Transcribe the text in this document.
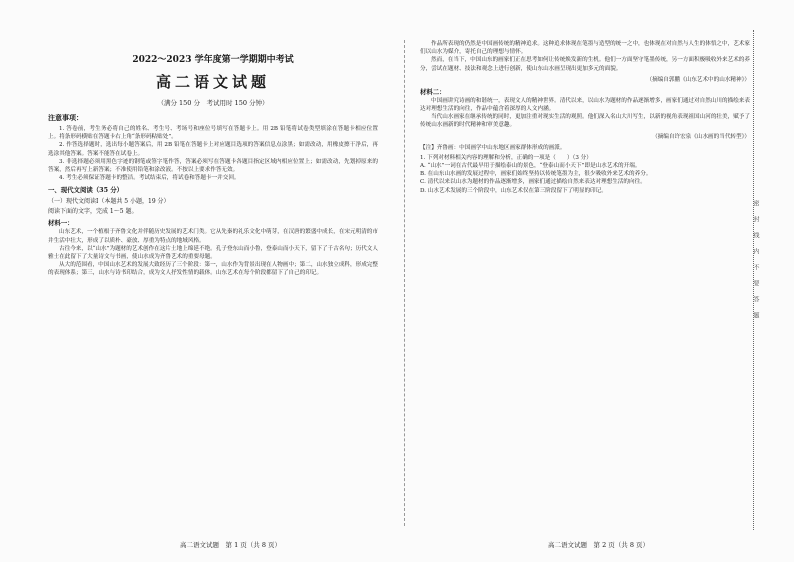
密　封　线　内　不　要　答　题
2022～2023 学年度第一学期期中考试
高二语文试题
（满分 150 分　考试用时 150 分钟）
注意事项：

1. 答卷前，考生务必将自己的姓名、考生号、考场号和座位号填写在答题卡上。用 2B 铅笔将试卷类型填涂在答题卡相应位置上。将条形码横贴在答题卡右上角“条形码粘贴处”。

2. 作答选择题时，选出每小题答案后，用 2B 铅笔在答题卡上对应题目选项的答案信息点涂黑；如需改动，用橡皮擦干净后，再选涂其他答案。答案不能答在试卷上。

3. 非选择题必须用黑色字迹的钢笔或签字笔作答，答案必须写在答题卡各题目指定区域内相应位置上；如需改动，先划掉原来的答案，然后再写上新答案；不准使用铅笔和涂改液。不按以上要求作答无效。

4. 考生必须保证答题卡的整洁。考试结束后，将试卷和答题卡一并交回。

一、现代文阅读（35 分）
（一）现代文阅读Ⅰ（本题共 5 小题，19 分）
阅读下面的文字，完成 1～5 题。
材料一：

山东艺术，一个植根于齐鲁文化并伴随历史发展的艺术门类。它从先秦的礼乐文化中萌芽，在汉唐的繁盛中成长，在宋元明清的市井生活中壮大，形成了以质朴、豪放、厚重为特点的地域风格。

古往今来，以“山水”为题材的艺术创作在这片土地上绵延不绝。孔子登东山而小鲁，登泰山而小天下，留下了千古名句；历代文人雅士在此留下了大量诗文与书画，使山水成为齐鲁艺术的重要母题。

从大的范围看，中国山水艺术的发展大致经历了三个阶段：第一，山水作为背景出现在人物画中；第二，山水独立成科，形成完整的表现体系；第三，山水与诗书印结合，成为文人抒发性情的载体。山东艺术在每个阶段都留下了自己的印记。

作品所表现的仍然是中国画传统的精神追求。这种追求体现在笔墨与造型的统一之中，也体现在对自然与人生的体悟之中，艺术家们以山水为媒介，寄托自己的理想与情怀。

然而，在当下，中国山东的画家们正在思考如何让传统焕发新的生机。他们一方面坚守笔墨传统，另一方面积极吸收外来艺术的养分，尝试在题材、技法和观念上进行创新，使山东山水画呈现出更加多元的面貌。

（摘编自郭鹏《山东艺术中的山水精神》）
材料二：

中国画讲究诗画的和谐统一，表现文人的精神世界。清代以来，以山水为题材的作品逐渐增多，画家们通过对自然山川的描绘来表达对理想生活的向往，作品中蕴含着深厚的人文内涵。

当代山水画家在继承传统的同时，更加注重对现实生活的观照。他们深入名山大川写生，以新的视角表现祖国山河的壮美，赋予了传统山水画新的时代精神和审美意趣。

（摘编自许宏泉《山水画的当代转型》）

【注】齐鲁画：中国画学中山东地区画家群体形成的画派。

1. 下列对材料相关内容的理解和分析，正确的一项是（　　）（3 分）

A. “山水”一词在古代最早用于描绘泰山的景色，“登泰山而小天下”即是山水艺术的开端。

B. 在山东山水画的发展过程中，画家们始终坚持以传统笔墨为主，很少吸收外来艺术的养分。

C. 清代以来以山水为题材的作品逐渐增多，画家们通过描绘自然来表达对理想生活的向往。

D. 山水艺术发展的三个阶段中，山东艺术仅在第三阶段留下了明显的印记。

高二语文试题　第 1 页（共 8 页）	高二语文试题　第 2 页（共 8 页）
